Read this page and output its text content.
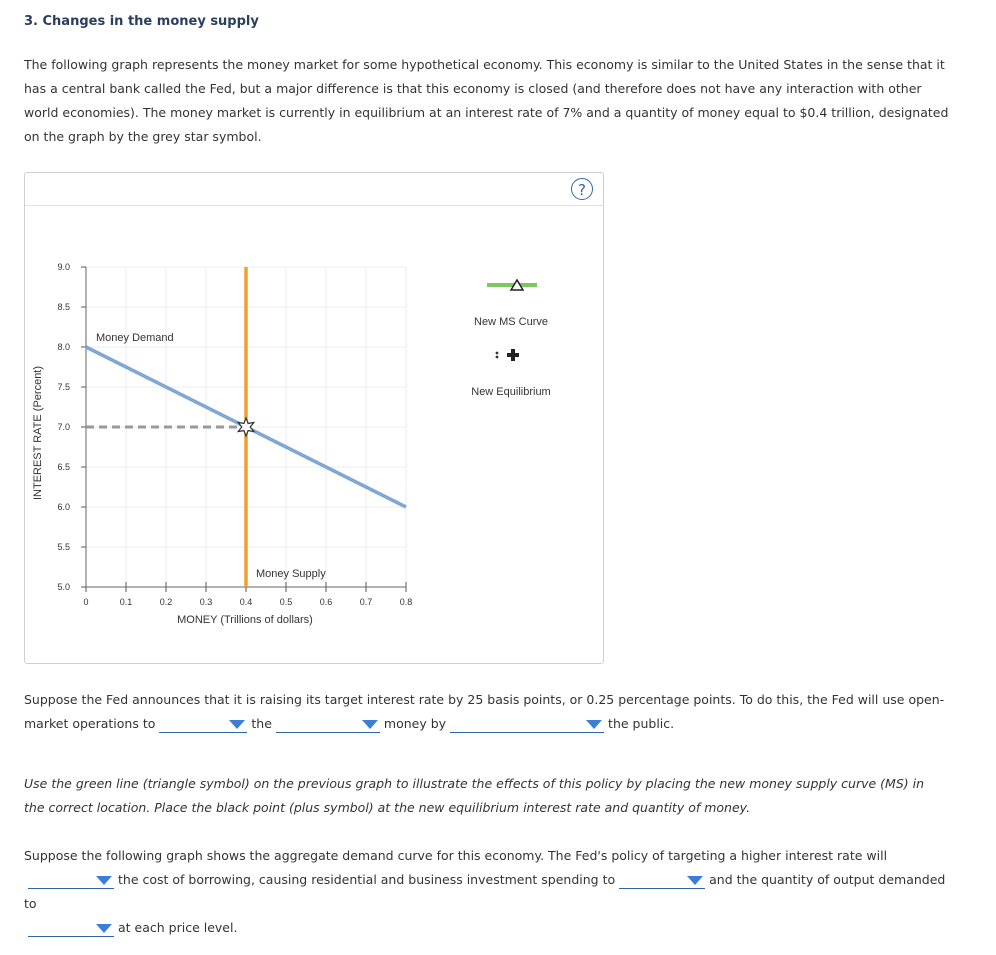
3. Changes in the money supply
The following graph represents the money market for some hypothetical economy. This economy is similar to the United States in the sense that it has a central bank called the Fed, but a major difference is that this economy is closed (and therefore does not have any interaction with other world economies). The money market is currently in equilibrium at an interest rate of 7% and a quantity of money equal to $0.4 trillion, designated on the graph by the grey star symbol.
?
5.0
5.5
6.0
6.5
7.0
7.5
8.0
8.5
9.0
0	0.1	0.2	0.3	0.4	0.5	0.6	0.7	0.8
Money Demand
Money Supply
INTEREST RATE (Percent)
MONEY (Trillions of dollars)
New MS Curve
New Equilibrium
Suppose the Fed announces that it is raising its target interest rate by 25 basis points, or 0.25 percentage points. To do this, the Fed will use open-market operations to	the	money by	the public.
Use the green line (triangle symbol) on the previous graph to illustrate the effects of this policy by placing the new money supply curve (MS) in the correct location. Place the black point (plus symbol) at the new equilibrium interest rate and quantity of money.
Suppose the following graph shows the aggregate demand curve for this economy. The Fed's policy of targeting a higher interest rate will

the cost of borrowing, causing residential and business investment spending to	and the quantity of output demanded to

at each price level.
